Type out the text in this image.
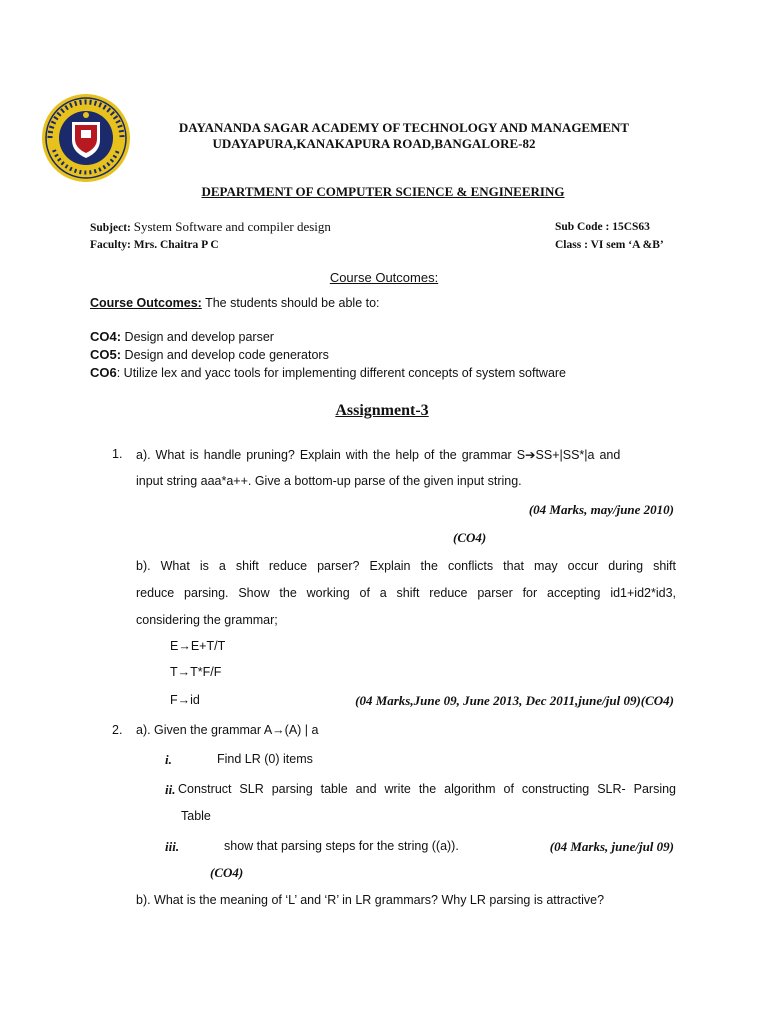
DAYANANDA SAGAR ACADEMY OF TECHNOLOGY AND MANAGEMENT
UDAYAPURA,KANAKAPURA ROAD,BANGALORE-82
DEPARTMENT OF COMPUTER SCIENCE & ENGINEERING
Subject: System Software and compiler design	Sub Code : 15CS63
Faculty: Mrs. Chaitra P C	Class : VI sem ‘A &B’
Course Outcomes:
Course Outcomes: The students should be able to:
CO4: Design and develop parser
CO5: Design and develop code generators
CO6: Utilize lex and yacc tools for implementing different concepts of system software
Assignment-3
1. a). What is handle pruning? Explain with the help of the grammar S➔SS+|SS*|a and
input string aaa*a++. Give a bottom-up parse of the given input string.
(04 Marks, may/june 2010)
(CO4)
b). What is a shift reduce parser? Explain the conflicts that may occur during shift
reduce parsing. Show the working of a shift reduce parser for accepting id1+id2*id3,
considering the grammar;
E→E+T/T
T→T*F/F
F→id	(04 Marks,June 09, June 2013, Dec 2011,june/jul 09)(CO4)
2. a). Given the grammar A→(A) | a
i.	Find LR (0) items
ii. Construct SLR parsing table and write the algorithm of constructing SLR- Parsing
Table
iii.	show that parsing steps for the string ((a)).	(04 Marks, june/jul 09)
(CO4)
b). What is the meaning of ‘L’ and ‘R’ in LR grammars? Why LR parsing is attractive?
